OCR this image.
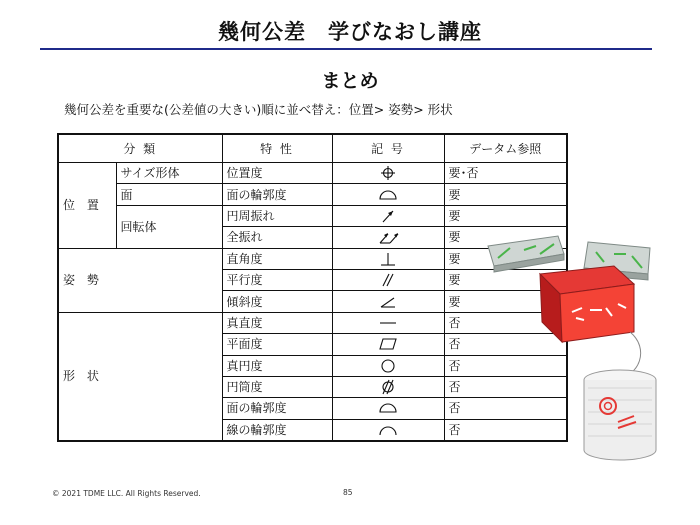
幾何公差　学びなおし講座
まとめ
幾何公差を重要な(公差値の大きい)順に並べ替え：位置> 姿勢> 形状
分 類		特 性	記 号	データム参照
位 置	サイズ形体	位置度		要･否
	面	面の輪郭度		要
	回転体	円周振れ		要
		全振れ		要
姿 勢		直角度		要
		平行度		要
		傾斜度		要
形 状		真直度		否
		平面度		否
		真円度		否
		円筒度		否
		面の輪郭度		否
		線の輪郭度		否
© 2021 TDME LLC. All Rights Reserved.	85
